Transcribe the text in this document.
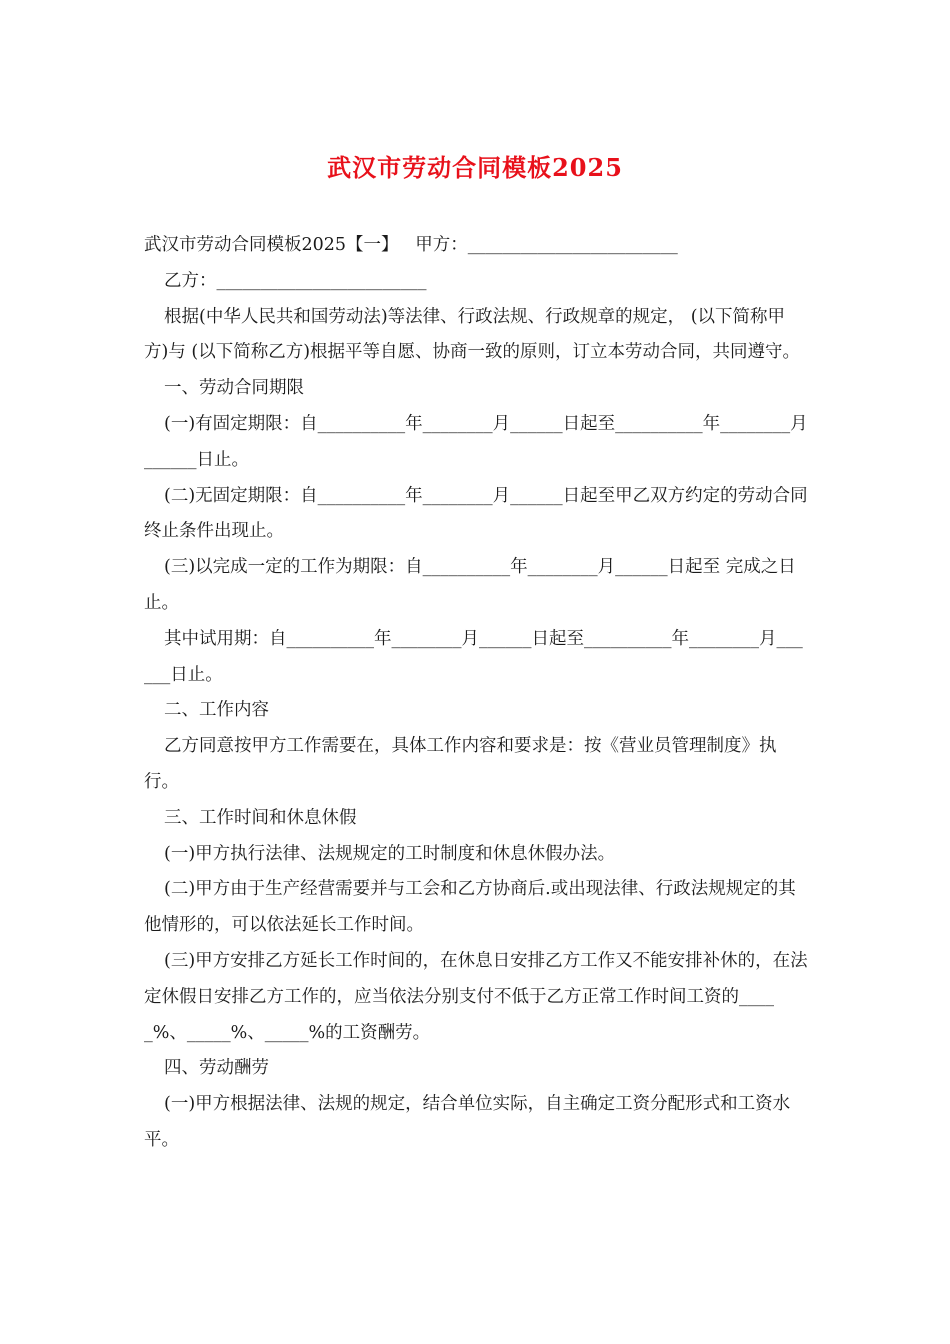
武汉市劳动合同模板2025

武汉市劳动合同模板2025【一】   甲方：________________________

乙方：________________________

根据(中华人民共和国劳动法)等法律、行政法规、行政规章的规定， (以下简称甲方)与 (以下简称乙方)根据平等自愿、协商一致的原则，订立本劳动合同，共同遵守。

一、劳动合同期限

(一)有固定期限：自__________年________月______日起至__________年________月______日止。

(二)无固定期限：自__________年________月______日起至甲乙双方约定的劳动合同终止条件出现止。

(三)以完成一定的工作为期限：自__________年________月______日起至 完成之日止。

其中试用期：自__________年________月______日起至__________年________月______日止。

二、工作内容

乙方同意按甲方工作需要在，具体工作内容和要求是：按《营业员管理制度》执行。

三、工作时间和休息休假

(一)甲方执行法律、法规规定的工时制度和休息休假办法。

(二)甲方由于生产经营需要并与工会和乙方协商后.或出现法律、行政法规规定的其他情形的，可以依法延长工作时间。

(三)甲方安排乙方延长工作时间的，在休息日安排乙方工作又不能安排补休的，在法定休假日安排乙方工作的，应当依法分别支付不低于乙方正常工作时间工资的_____%、_____%、_____%的工资酬劳。

四、劳动酬劳

(一)甲方根据法律、法规的规定，结合单位实际，自主确定工资分配形式和工资水平。
